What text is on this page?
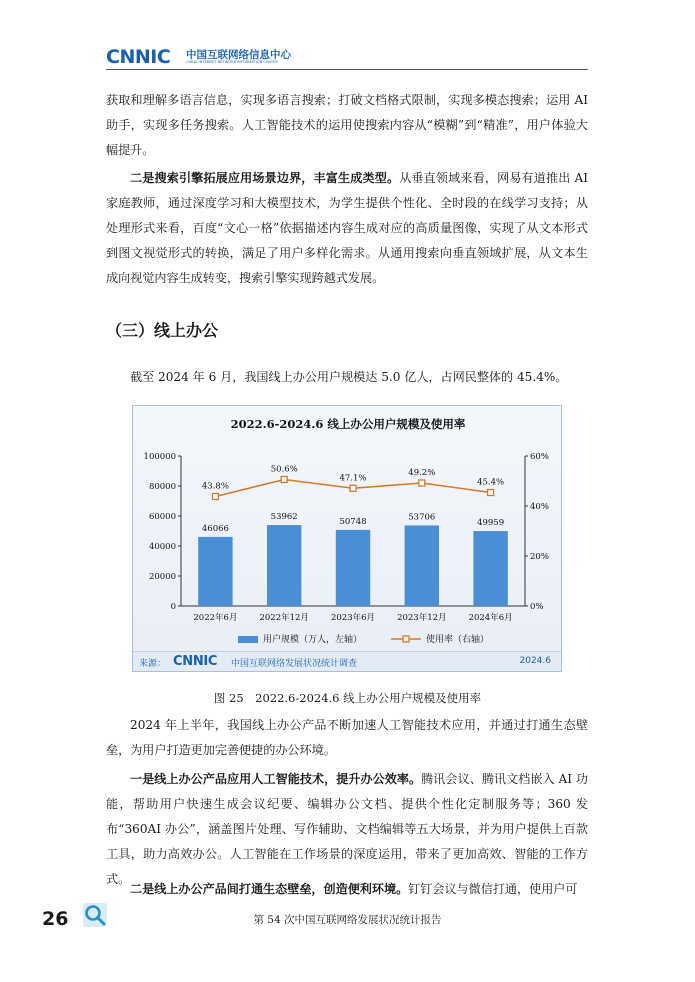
CNNIC 中国互联网络信息中心
CHINA INTERNET NETWORK INFORMATION CENTER

获取和理解多语言信息，实现多语言搜索；打破文档格式限制，实现多模态搜索；运用 AI 助手，实现多任务搜索。人工智能技术的运用使搜索内容从“模糊”到“精准”，用户体验大幅提升。

二是搜索引擎拓展应用场景边界，丰富生成类型。从垂直领域来看，网易有道推出 AI 家庭教师，通过深度学习和大模型技术，为学生提供个性化、全时段的在线学习支持；从处理形式来看，百度“文心一格”依据描述内容生成对应的高质量图像，实现了从文本形式到图文视觉形式的转换，满足了用户多样化需求。从通用搜索向垂直领域扩展，从文本生成向视觉内容生成转变，搜索引擎实现跨越式发展。

（三）线上办公

截至 2024 年 6 月，我国线上办公用户规模达 5.0 亿人，占网民整体的 45.4%。

2022.6-2024.6 线上办公用户规模及使用率
0
20000
40000
60000
80000
100000
0%
20%
40%
60%
2022年6月
46066
2022年12月
53962
2023年6月
50748
2023年12月
53706
2024年6月
49959
43.8%
50.6%
47.1%
49.2%
45.4%
用户规模（万人，左轴）	使用率（右轴）
来源： CNNIC 中国互联网络发展状况统计调查	2024.6
图 25　2022.6-2024.6 线上办公用户规模及使用率

2024 年上半年，我国线上办公产品不断加速人工智能技术应用，并通过打通生态壁垒，为用户打造更加完善便捷的办公环境。

一是线上办公产品应用人工智能技术，提升办公效率。腾讯会议、腾讯文档嵌入 AI 功能，帮助用户快速生成会议纪要、编辑办公文档、提供个性化定制服务等；360 发布“360AI 办公”，涵盖图片处理、写作辅助、文档编辑等五大场景，并为用户提供上百款工具，助力高效办公。人工智能在工作场景的深度运用，带来了更加高效、智能的工作方式。

二是线上办公产品间打通生态壁垒，创造便利环境。钉钉会议与微信打通，使用户可

26	第 54 次中国互联网络发展状况统计报告
